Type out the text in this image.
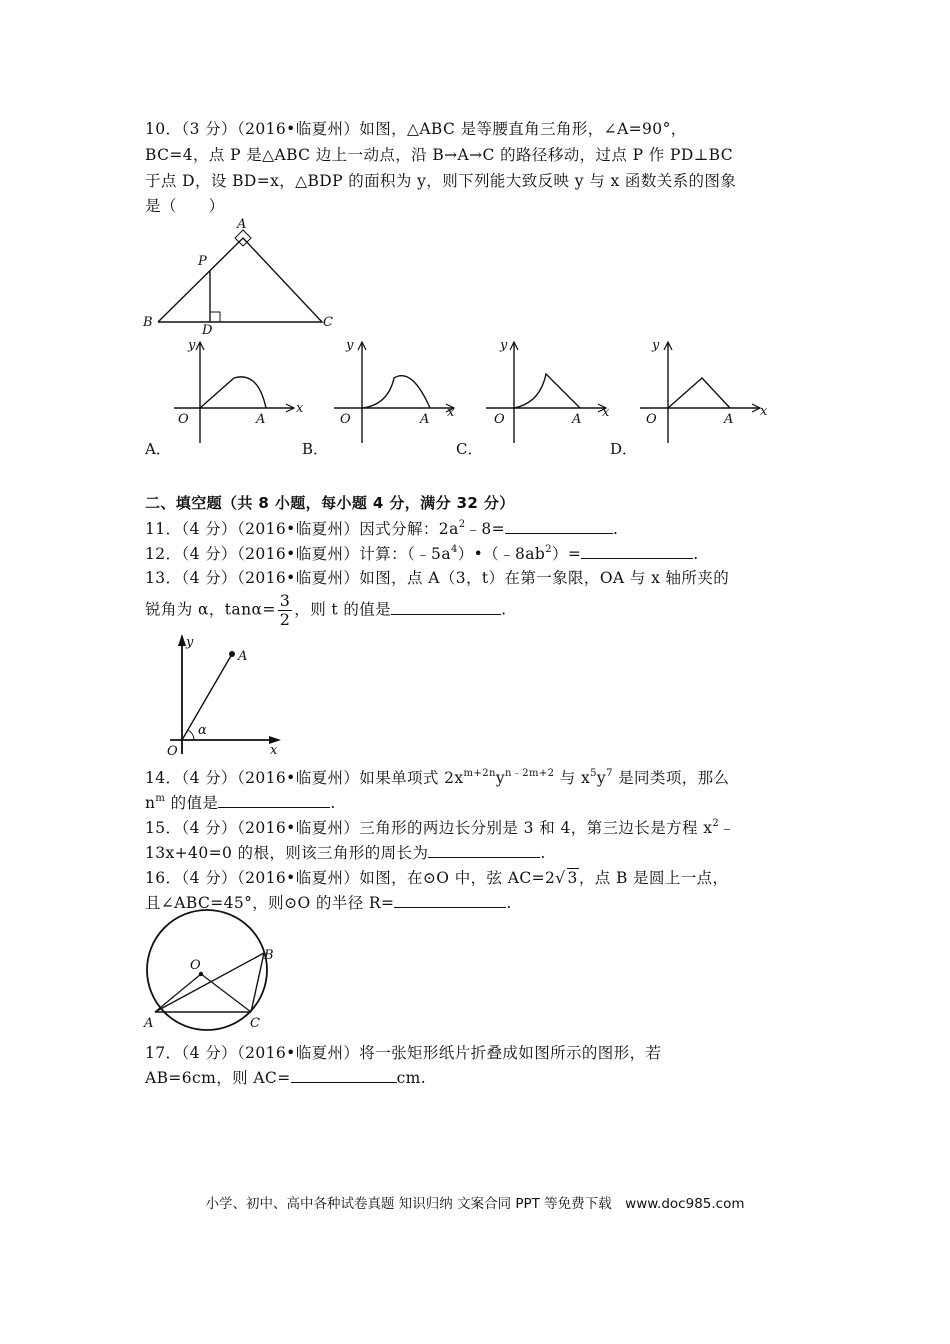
10．（3 分）（2016•临夏州）如图，△ABC 是等腰直角三角形，∠A=90°，
BC=4，点 P 是△ABC 边上一动点，沿 B→A→C 的路径移动，过点 P 作 PD⊥BC
于点 D，设 BD=x，△BDP 的面积为 y，则下列能大致反映 y 与 x 函数关系的图象
是（　　）
A
P
B
D
C
y
x
O	A
y
x
O	A
y
x
O	A
y
x
O	A
A．	B．	C．	D．
二、填空题（共 8 小题，每小题 4 分，满分 32 分）
11．（4 分）（2016•临夏州）因式分解：$2a^2﹣8=$	.
12．（4 分）（2016•临夏州）计算：$(﹣5a^4)•(﹣8ab^2)=$	.
13．（4 分）（2016•临夏州）如图，点 A（3，t）在第一象限，OA 与 x 轴所夹的
锐角为 α，$\tan\alpha= \frac{3}{2}$ ，则 t 的值是	.
y
A
α
O	x
14．（4 分）（2016•临夏州）如果单项式 $2x^{m+2n}y^{n﹣2m+2}$ 与 $x^5y^7$ 是同类项，那么
$n^m$ 的值是	.
15．（4 分）（2016•临夏州）三角形的两边长分别是 3 和 4，第三边长是方程 $x^2﹣$
13x+40=0 的根，则该三角形的周长为	.
16．（4 分）（2016•临夏州）如图，在⊙O 中，弦 AC=2√ 3，点 B 是圆上一点，
且∠ABC=45°，则⊙O 的半径 R=	.
O
B
A	C
17．（4 分）（2016•临夏州）将一张矩形纸片折叠成如图所示的图形，若
AB=6cm，则 AC=	cm.
小学、初中、高中各种试卷真题 知识归纳 文案合同 PPT 等免费下载　www.doc985.com
